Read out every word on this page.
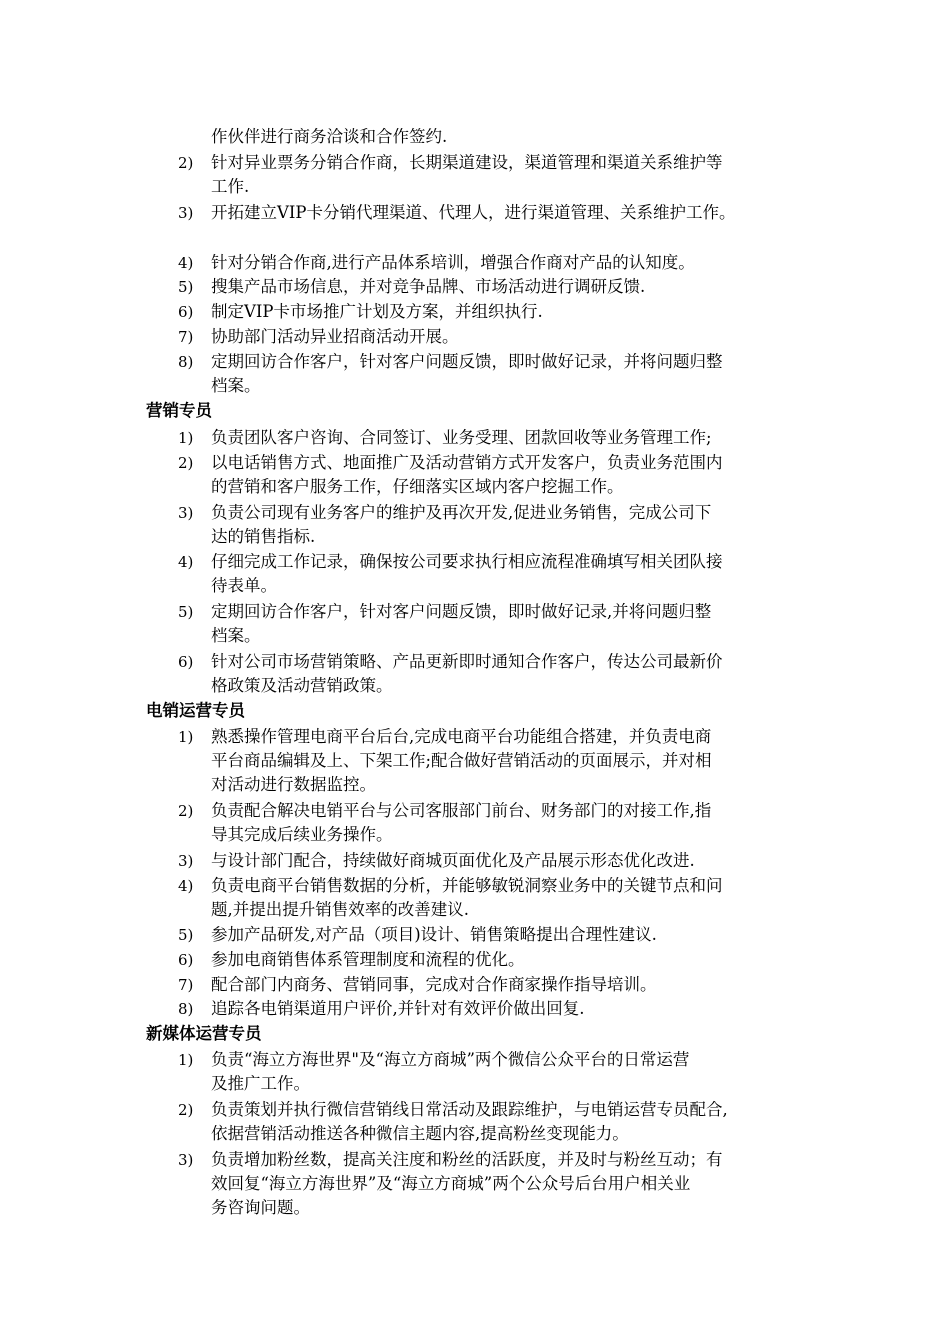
作伙伴进行商务洽谈和合作签约.
2) 针对异业票务分销合作商，长期渠道建设，渠道管理和渠道关系维护等
工作.
3) 开拓建立VIP卡分销代理渠道、代理人，进行渠道管理、关系维护工作。
4) 针对分销合作商,进行产品体系培训，增强合作商对产品的认知度。
5) 搜集产品市场信息，并对竞争品牌、市场活动进行调研反馈.
6) 制定VIP卡市场推广计划及方案，并组织执行.
7) 协助部门活动异业招商活动开展。
8) 定期回访合作客户，针对客户问题反馈，即时做好记录，并将问题归整
档案。
营销专员
1) 负责团队客户咨询、合同签订、业务受理、团款回收等业务管理工作;
2) 以电话销售方式、地面推广及活动营销方式开发客户，负责业务范围内
的营销和客户服务工作，仔细落实区域内客户挖掘工作。
3) 负责公司现有业务客户的维护及再次开发,促进业务销售，完成公司下
达的销售指标.
4) 仔细完成工作记录，确保按公司要求执行相应流程准确填写相关团队接
待表单。
5) 定期回访合作客户，针对客户问题反馈，即时做好记录,并将问题归整
档案。
6) 针对公司市场营销策略、产品更新即时通知合作客户，传达公司最新价
格政策及活动营销政策。
电销运营专员
1) 熟悉操作管理电商平台后台,完成电商平台功能组合搭建，并负责电商
平台商品编辑及上、下架工作;配合做好营销活动的页面展示，并对相
对活动进行数据监控。
2) 负责配合解决电销平台与公司客服部门前台、财务部门的对接工作,指
导其完成后续业务操作。
3) 与设计部门配合，持续做好商城页面优化及产品展示形态优化改进.
4) 负责电商平台销售数据的分析，并能够敏锐洞察业务中的关键节点和问
题,并提出提升销售效率的改善建议.
5) 参加产品研发,对产品（项目)设计、销售策略提出合理性建议.
6) 参加电商销售体系管理制度和流程的优化。
7) 配合部门内商务、营销同事，完成对合作商家操作指导培训。
8) 追踪各电销渠道用户评价,并针对有效评价做出回复.
新媒体运营专员
1) 负责“海立方海世界"及“海立方商城”两个微信公众平台的日常运营
及推广工作。
2) 负责策划并执行微信营销线日常活动及跟踪维护，与电销运营专员配合,
依据营销活动推送各种微信主题内容,提高粉丝变现能力。
3) 负责增加粉丝数，提高关注度和粉丝的活跃度，并及时与粉丝互动；有
效回复“海立方海世界”及“海立方商城”两个公众号后台用户相关业
务咨询问题。
